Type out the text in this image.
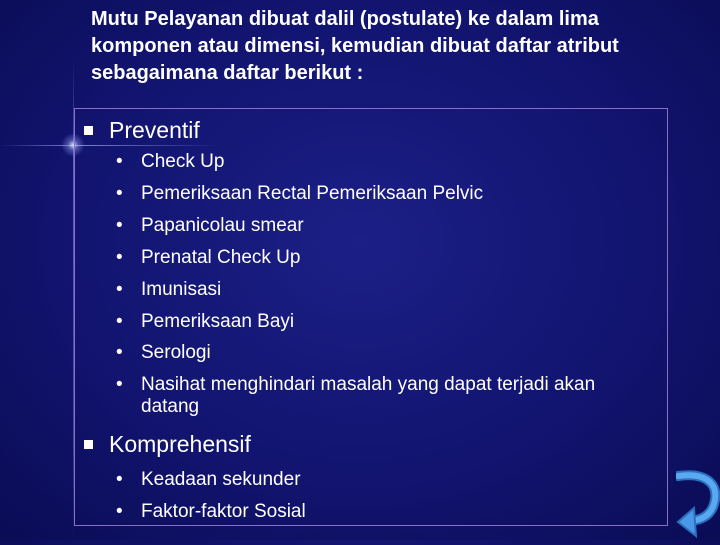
Mutu Pelayanan dibuat dalil (postulate) ke dalam lima komponen atau dimensi, kemudian dibuat daftar atribut sebagaimana daftar berikut :
Preventif
• Check Up
• Pemeriksaan Rectal Pemeriksaan Pelvic
• Papanicolau smear
• Prenatal Check Up
• Imunisasi
• Pemeriksaan Bayi
• Serologi
• Nasihat menghindari masalah yang dapat terjadi akan datang
Komprehensif
• Keadaan sekunder
• Faktor-faktor Sosial
